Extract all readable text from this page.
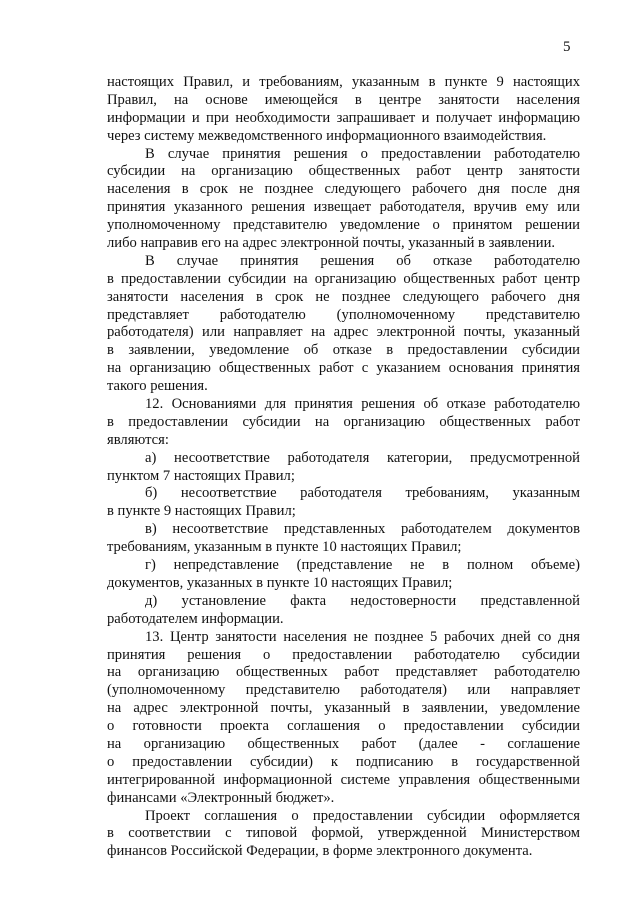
5
настоящих Правил, и требованиям, указанным в пункте 9 настоящих
Правил, на основе имеющейся в центре занятости населения
информации и при необходимости запрашивает и получает информацию
через систему межведомственного информационного взаимодействия.
В случае принятия решения о предоставлении работодателю
субсидии на организацию общественных работ центр занятости
населения в срок не позднее следующего рабочего дня после дня
принятия указанного решения извещает работодателя, вручив ему или
уполномоченному представителю уведомление о принятом решении
либо направив его на адрес электронной почты, указанный в заявлении.
В случае принятия решения об отказе работодателю
в предоставлении субсидии на организацию общественных работ центр
занятости населения в срок не позднее следующего рабочего дня
представляет работодателю (уполномоченному представителю
работодателя) или направляет на адрес электронной почты, указанный
в заявлении, уведомление об отказе в предоставлении субсидии
на организацию общественных работ с указанием основания принятия
такого решения.
12. Основаниями для принятия решения об отказе работодателю
в предоставлении субсидии на организацию общественных работ
являются:
а) несоответствие работодателя категории, предусмотренной
пунктом 7 настоящих Правил;
б) несоответствие работодателя требованиям, указанным
в пункте 9 настоящих Правил;
в) несоответствие представленных работодателем документов
требованиям, указанным в пункте 10 настоящих Правил;
г) непредставление (представление не в полном объеме)
документов, указанных в пункте 10 настоящих Правил;
д) установление факта недостоверности представленной
работодателем информации.
13. Центр занятости населения не позднее 5 рабочих дней со дня
принятия решения о предоставлении работодателю субсидии
на организацию общественных работ представляет работодателю
(уполномоченному представителю работодателя) или направляет
на адрес электронной почты, указанный в заявлении, уведомление
о готовности проекта соглашения о предоставлении субсидии
на организацию общественных работ (далее - соглашение
о предоставлении субсидии) к подписанию в государственной
интегрированной информационной системе управления общественными
финансами «Электронный бюджет».
Проект соглашения о предоставлении субсидии оформляется
в соответствии с типовой формой, утвержденной Министерством
финансов Российской Федерации, в форме электронного документа.
